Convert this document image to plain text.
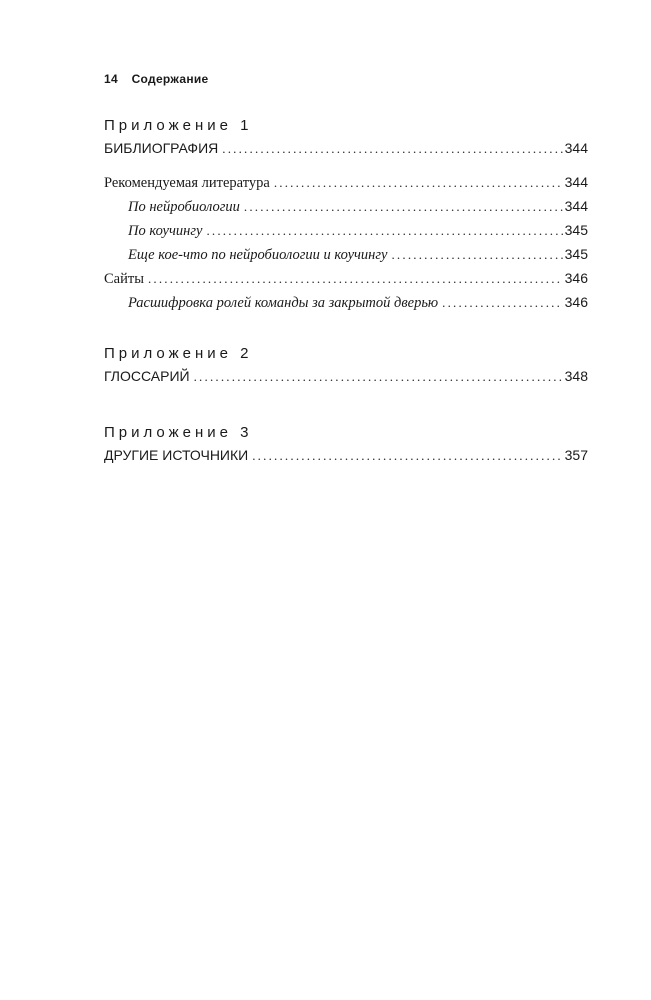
14 Содержание
Приложение 1
БИБЛИОГРАФИЯ .....	344
Рекомендуемая литература .....	344
По нейробиологии .....	344
По коучингу .....	345
Еще кое-что по нейробиологии и коучингу .....	345
Сайты .....	346
Расшифровка ролей команды за закрытой дверью .....	346
Приложение 2
ГЛОССАРИЙ .....	348
Приложение 3
ДРУГИЕ ИСТОЧНИКИ .....	357
